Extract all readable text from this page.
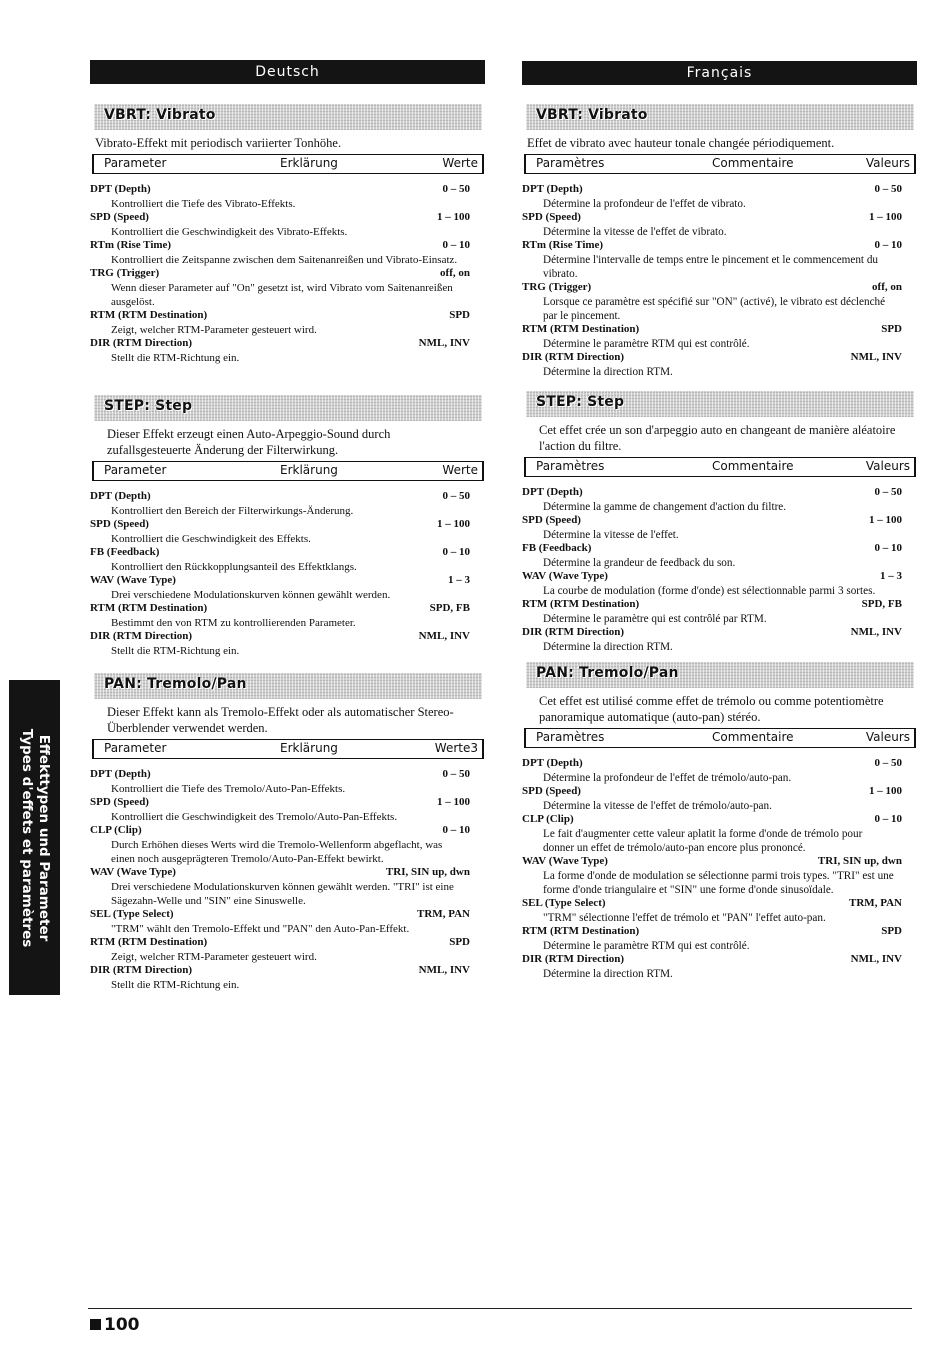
Deutsch
VBRT: Vibrato
Vibrato-Effekt mit periodisch variierter Tonhöhe.
Parameter	Erklärung	Werte
DPT (Depth)	0 – 50
Kontrolliert die Tiefe des Vibrato-Effekts.
SPD (Speed)	1 – 100
Kontrolliert die Geschwindigkeit des Vibrato-Effekts.
RTm (Rise Time)	0 – 10
Kontrolliert die Zeitspanne zwischen dem Saitenanreißen und Vibrato-Einsatz.
TRG (Trigger)	off, on
Wenn dieser Parameter auf "On" gesetzt ist, wird Vibrato vom Saitenanreißen ausgelöst.
RTM (RTM Destination)	SPD
Zeigt, welcher RTM-Parameter gesteuert wird.
DIR (RTM Direction)	NML, INV
Stellt die RTM-Richtung ein.
STEP: Step
Dieser Effekt erzeugt einen Auto-Arpeggio-Sound durch zufallsgesteuerte Änderung der Filterwirkung.
Parameter	Erklärung	Werte
DPT (Depth)	0 – 50
Kontrolliert den Bereich der Filterwirkungs-Änderung.
SPD (Speed)	1 – 100
Kontrolliert die Geschwindigkeit des Effekts.
FB (Feedback)	0 – 10
Kontrolliert den Rückkopplungsanteil des Effektklangs.
WAV (Wave Type)	1 – 3
Drei verschiedene Modulationskurven können gewählt werden.
RTM (RTM Destination)	SPD, FB
Bestimmt den von RTM zu kontrollierenden Parameter.
DIR (RTM Direction)	NML, INV
Stellt die RTM-Richtung ein.
PAN: Tremolo/Pan
Dieser Effekt kann als Tremolo-Effekt oder als automatischer Stereo-Überblender verwendet werden.
Parameter	Erklärung	Werte3
DPT (Depth)	0 – 50
Kontrolliert die Tiefe des Tremolo/Auto-Pan-Effekts.
SPD (Speed)	1 – 100
Kontrolliert die Geschwindigkeit des Tremolo/Auto-Pan-Effekts.
CLP (Clip)	0 – 10
Durch Erhöhen dieses Werts wird die Tremolo-Wellenform abgeflacht, was einen noch ausgeprägteren Tremolo/Auto-Pan-Effekt bewirkt.
WAV (Wave Type)	TRI, SIN up, dwn
Drei verschiedene Modulationskurven können gewählt werden. "TRI" ist eine Sägezahn-Welle und "SIN" eine Sinuswelle.
SEL (Type Select)	TRM, PAN
"TRM" wählt den Tremolo-Effekt und "PAN" den Auto-Pan-Effekt.
RTM (RTM Destination)	SPD
Zeigt, welcher RTM-Parameter gesteuert wird.
DIR (RTM Direction)	NML, INV
Stellt die RTM-Richtung ein.
Français
VBRT: Vibrato
Effet de vibrato avec hauteur tonale changée périodiquement.
Paramètres	Commentaire	Valeurs
DPT (Depth)	0 – 50
Détermine la profondeur de l'effet de vibrato.
SPD (Speed)	1 – 100
Détermine la vitesse de l'effet de vibrato.
RTm (Rise Time)	0 – 10
Détermine l'intervalle de temps entre le pincement et le commencement du vibrato.
TRG (Trigger)	off, on
Lorsque ce paramètre est spécifié sur "ON" (activé), le vibrato est déclenché par le pincement.
RTM (RTM Destination)	SPD
Détermine le paramètre RTM qui est contrôlé.
DIR (RTM Direction)	NML, INV
Détermine la direction RTM.
STEP: Step
Cet effet crée un son d'arpeggio auto en changeant de manière aléatoire l'action du filtre.
Paramètres	Commentaire	Valeurs
DPT (Depth)	0 – 50
Détermine la gamme de changement d'action du filtre.
SPD (Speed)	1 – 100
Détermine la vitesse de l'effet.
FB (Feedback)	0 – 10
Détermine la grandeur de feedback du son.
WAV (Wave Type)	1 – 3
La courbe de modulation (forme d'onde) est sélectionnable parmi 3 sortes.
RTM (RTM Destination)	SPD, FB
Détermine le paramètre qui est contrôlé par RTM.
DIR (RTM Direction)	NML, INV
Détermine la direction RTM.
PAN: Tremolo/Pan
Cet effet est utilisé comme effet de trémolo ou comme potentiomètre panoramique automatique (auto-pan) stéréo.
Paramètres	Commentaire	Valeurs
DPT (Depth)	0 – 50
Détermine la profondeur de l'effet de trémolo/auto-pan.
SPD (Speed)	1 – 100
Détermine la vitesse de l'effet de trémolo/auto-pan.
CLP (Clip)	0 – 10
Le fait d'augmenter cette valeur aplatit la forme d'onde de trémolo pour donner un effet de trémolo/auto-pan encore plus prononcé.
WAV (Wave Type)	TRI, SIN up, dwn
La forme d'onde de modulation se sélectionne parmi trois types. "TRI" est une forme d'onde triangulaire et "SIN" une forme d'onde sinusoïdale.
SEL (Type Select)	TRM, PAN
"TRM" sélectionne l'effet de trémolo et "PAN" l'effet auto-pan.
RTM (RTM Destination)	SPD
Détermine le paramètre RTM qui est contrôlé.
DIR (RTM Direction)	NML, INV
Détermine la direction RTM.
Effekttypen und Parameter
Types d'effets et paramètres
100
